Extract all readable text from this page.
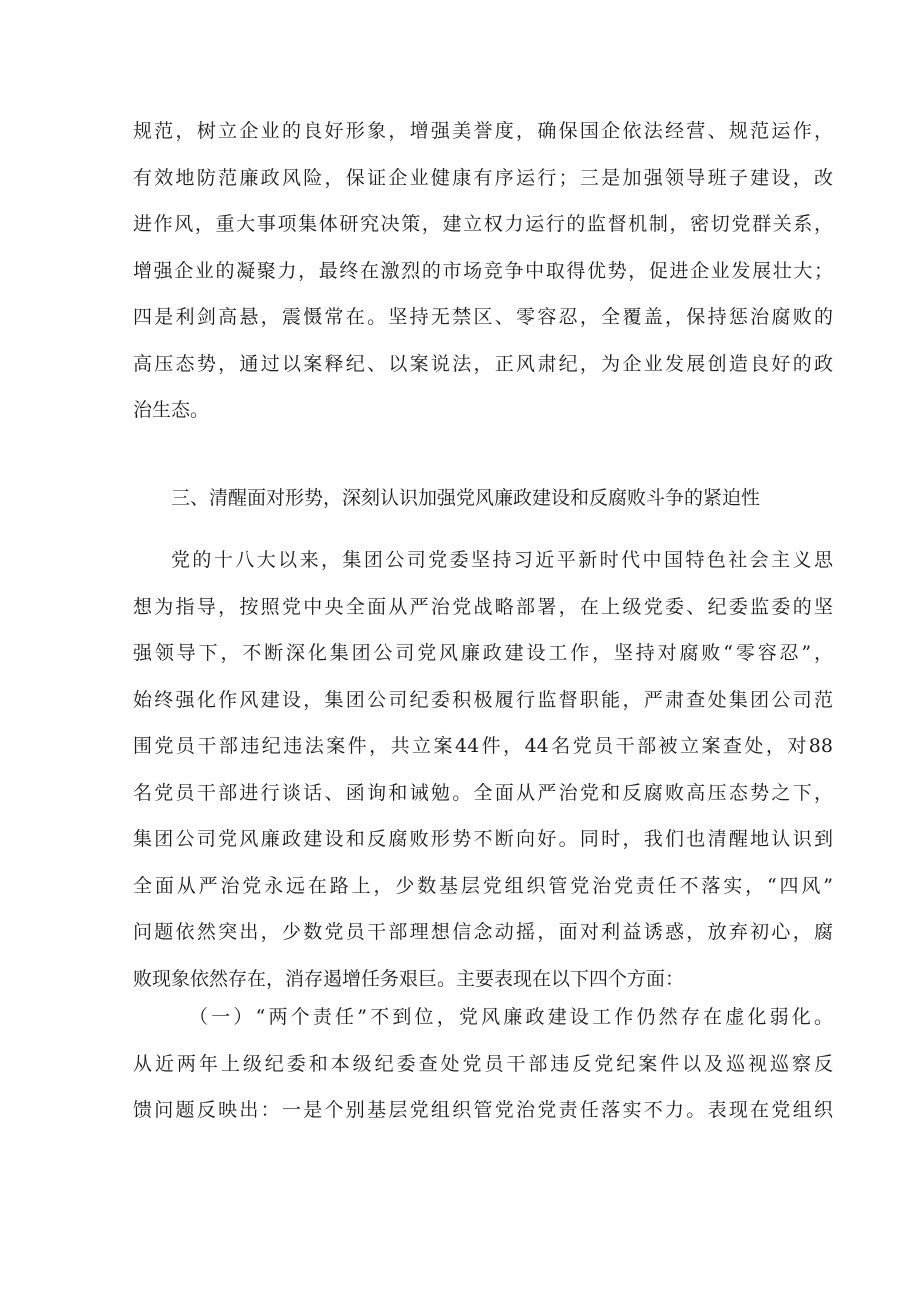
规范，树立企业的良好形象，增强美誉度，确保国企依法经营、规范运作，
有效地防范廉政风险，保证企业健康有序运行；三是加强领导班子建设，改
进作风，重大事项集体研究决策，建立权力运行的监督机制，密切党群关系，
增强企业的凝聚力，最终在激烈的市场竞争中取得优势，促进企业发展壮大；
四是利剑高悬，震慑常在。坚持无禁区、零容忍，全覆盖，保持惩治腐败的
高压态势，通过以案释纪、以案说法，正风肃纪，为企业发展创造良好的政
治生态。
三、清醒面对形势，深刻认识加强党风廉政建设和反腐败斗争的紧迫性
党的十八大以来，集团公司党委坚持习近平新时代中国特色社会主义思
想为指导，按照党中央全面从严治党战略部署，在上级党委、纪委监委的坚
强领导下，不断深化集团公司党风廉政建设工作，坚持对腐败“零容忍”，
始终强化作风建设，集团公司纪委积极履行监督职能，严肃查处集团公司范
围党员干部违纪违法案件，共立案44件，44名党员干部被立案查处，对88
名党员干部进行谈话、函询和诫勉。全面从严治党和反腐败高压态势之下，
集团公司党风廉政建设和反腐败形势不断向好。同时，我们也清醒地认识到
全面从严治党永远在路上，少数基层党组织管党治党责任不落实，“四风”
问题依然突出，少数党员干部理想信念动摇，面对利益诱惑，放弃初心，腐
败现象依然存在，消存遏增任务艰巨。主要表现在以下四个方面：
（一）“两个责任”不到位，党风廉政建设工作仍然存在虚化弱化。
从近两年上级纪委和本级纪委查处党员干部违反党纪案件以及巡视巡察反
馈问题反映出：一是个别基层党组织管党治党责任落实不力。表现在党组织
